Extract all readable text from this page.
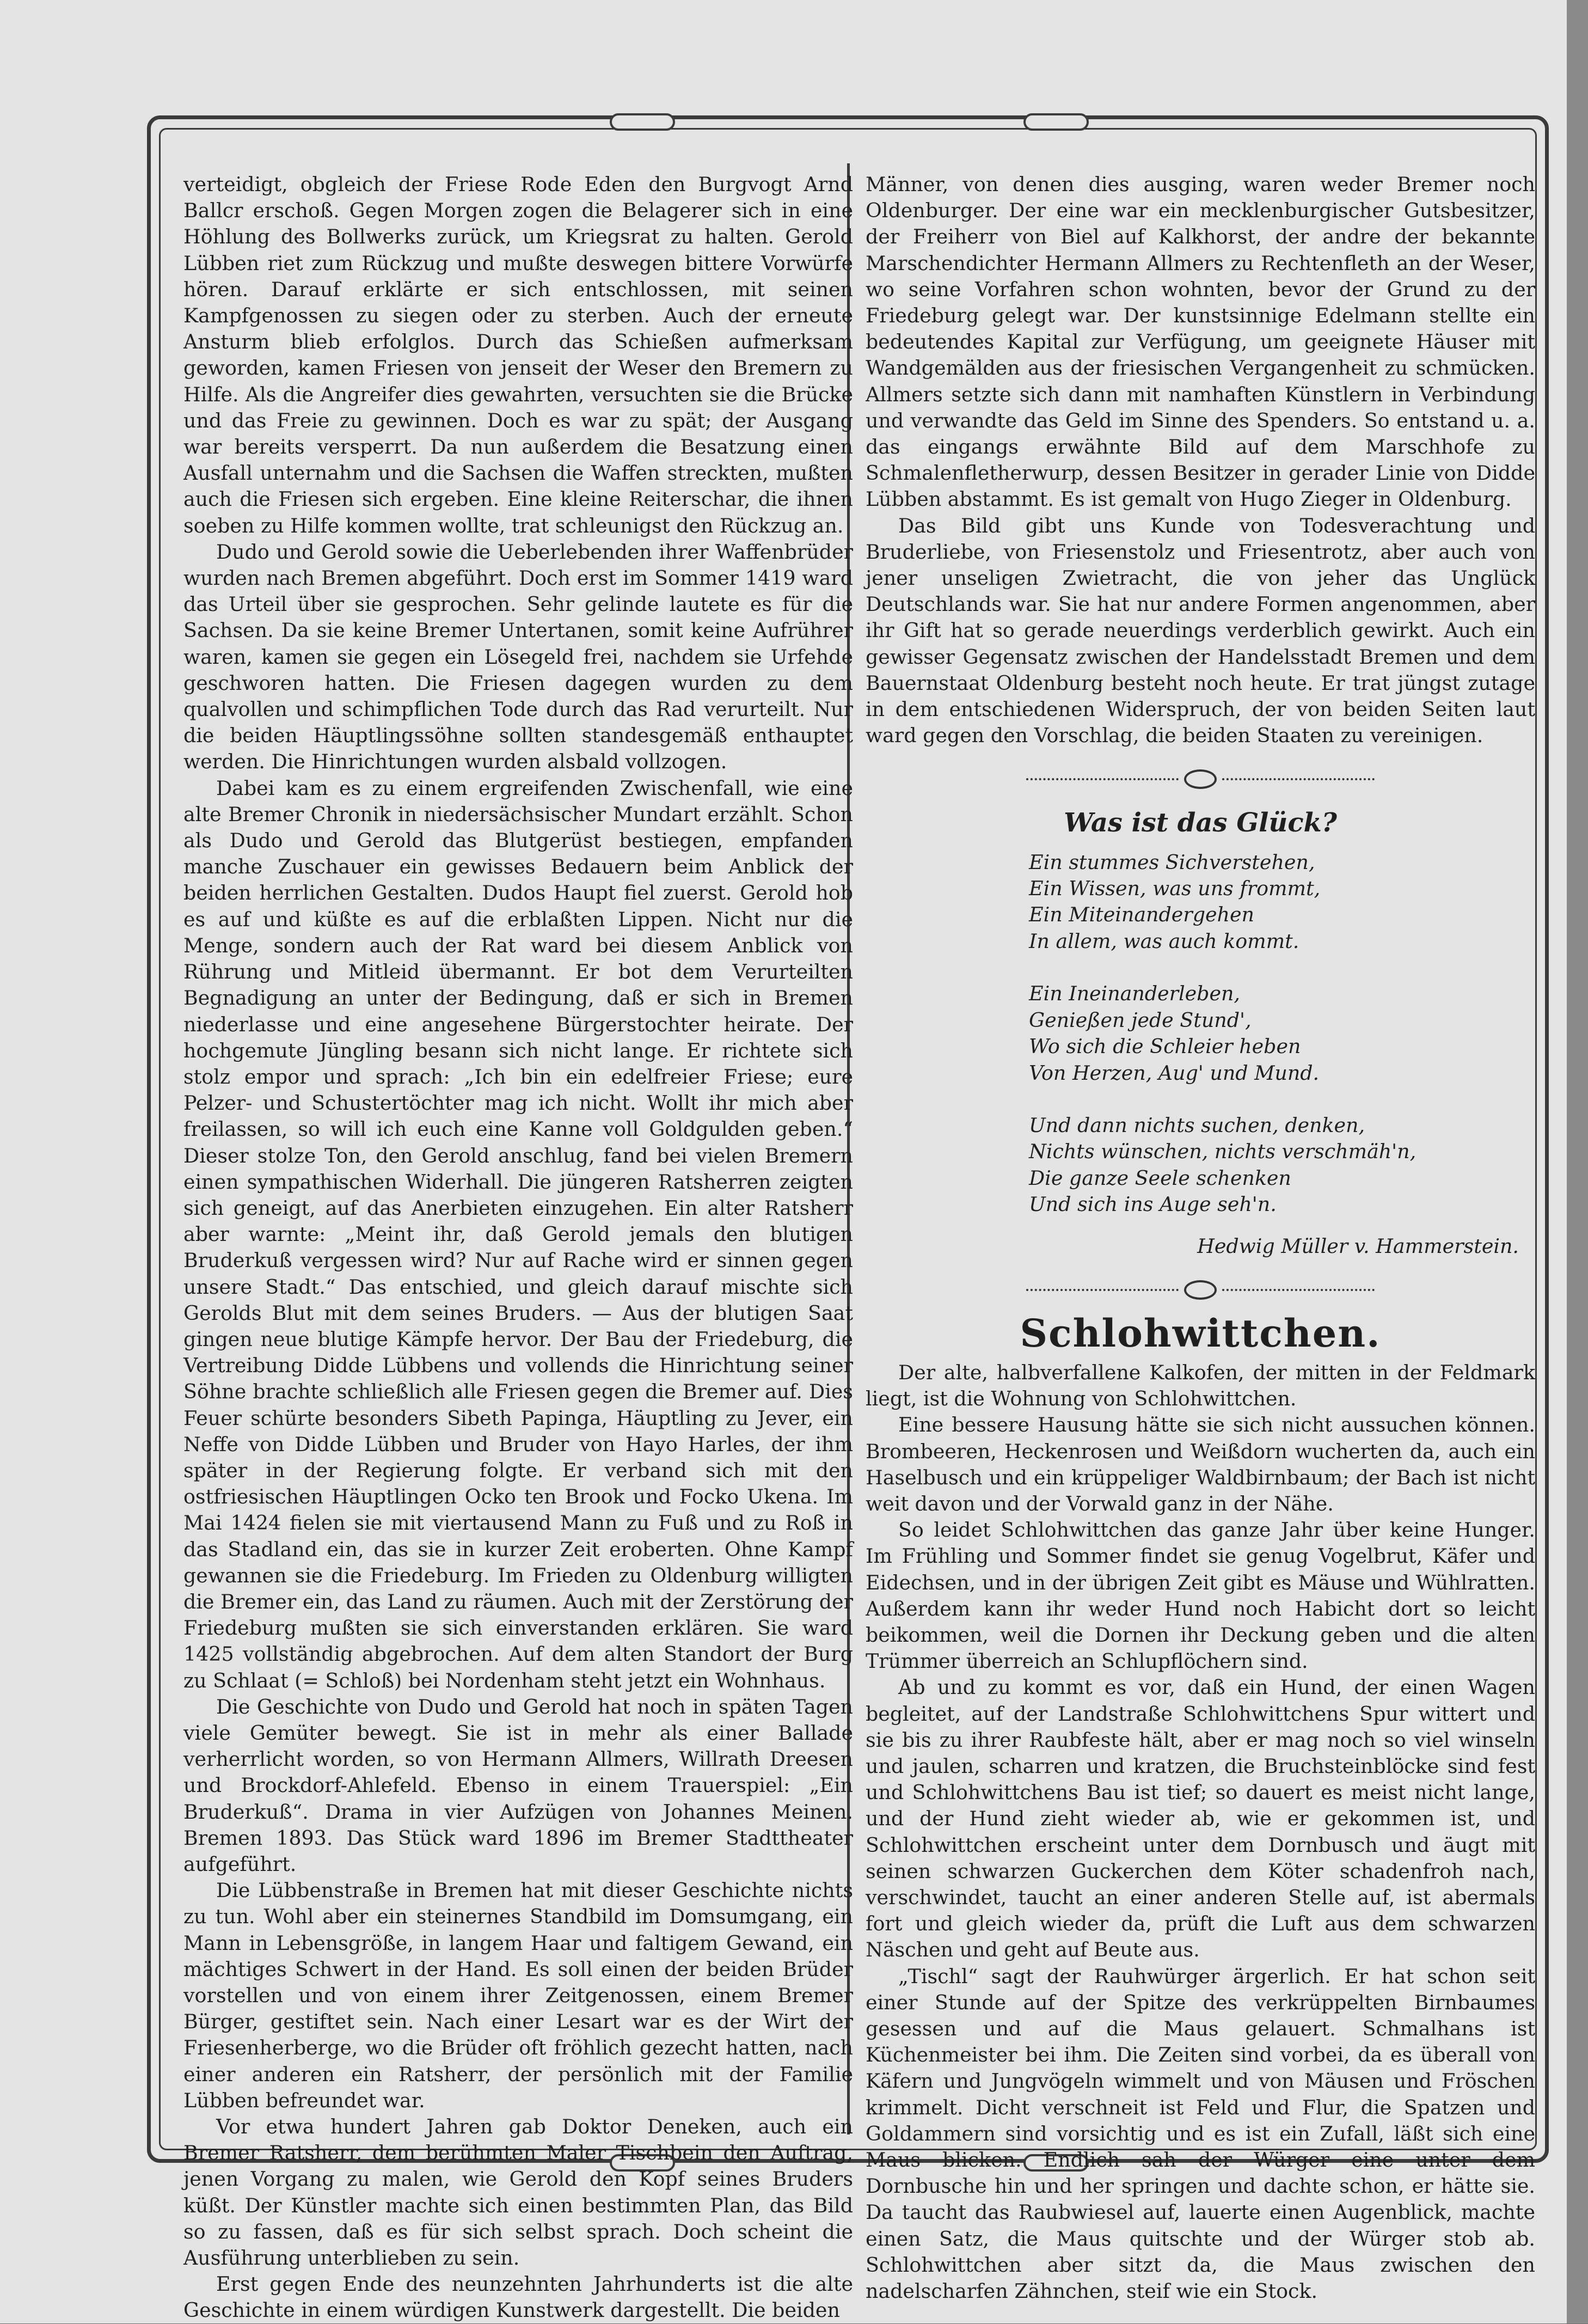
verteidigt, obgleich der Friese Rode Eden den Burgvogt Arnd Ballcr erschoß. Gegen Morgen zogen die Belagerer sich in eine Höhlung des Bollwerks zurück, um Kriegsrat zu halten. Gerold Lübben riet zum Rückzug und mußte deswegen bittere Vorwürfe hören. Darauf erklärte er sich entschlossen, mit seinen Kampfgenossen zu siegen oder zu sterben. Auch der erneute Ansturm blieb erfolglos. Durch das Schießen aufmerksam geworden, kamen Friesen von jenseit der Weser den Bremern zu Hilfe. Als die Angreifer dies gewahrten, versuchten sie die Brücke und das Freie zu gewinnen. Doch es war zu spät; der Ausgang war bereits versperrt. Da nun außerdem die Besatzung einen Ausfall unternahm und die Sachsen die Waffen streckten, mußten auch die Friesen sich ergeben. Eine kleine Reiterschar, die ihnen soeben zu Hilfe kommen wollte, trat schleunigst den Rückzug an.

Dudo und Gerold sowie die Ueberlebenden ihrer Waffenbrüder wurden nach Bremen abgeführt. Doch erst im Sommer 1419 ward das Urteil über sie gesprochen. Sehr gelinde lautete es für die Sachsen. Da sie keine Bremer Untertanen, somit keine Aufrührer waren, kamen sie gegen ein Lösegeld frei, nachdem sie Urfehde geschworen hatten. Die Friesen dagegen wurden zu dem qualvollen und schimpflichen Tode durch das Rad verurteilt. Nur die beiden Häuptlingssöhne sollten standesgemäß enthauptet werden. Die Hinrichtungen wurden alsbald vollzogen.

Dabei kam es zu einem ergreifenden Zwischenfall, wie eine alte Bremer Chronik in niedersächsischer Mundart erzählt. Schon als Dudo und Gerold das Blutgerüst bestiegen, empfanden manche Zuschauer ein gewisses Bedauern beim Anblick der beiden herrlichen Gestalten. Dudos Haupt fiel zuerst. Gerold hob es auf und küßte es auf die erblaßten Lippen. Nicht nur die Menge, sondern auch der Rat ward bei diesem Anblick von Rührung und Mitleid übermannt. Er bot dem Verurteilten Begnadigung an unter der Bedingung, daß er sich in Bremen niederlasse und eine angesehene Bürgerstochter heirate. Der hochgemute Jüngling besann sich nicht lange. Er richtete sich stolz empor und sprach: „Ich bin ein edelfreier Friese; eure Pelzer- und Schustertöchter mag ich nicht. Wollt ihr mich aber freilassen, so will ich euch eine Kanne voll Goldgulden geben.“ Dieser stolze Ton, den Gerold anschlug, fand bei vielen Bremern einen sympathischen Widerhall. Die jüngeren Ratsherren zeigten sich geneigt, auf das Anerbieten einzugehen. Ein alter Ratsherr aber warnte: „Meint ihr, daß Gerold jemals den blutigen Bruderkuß vergessen wird? Nur auf Rache wird er sinnen gegen unsere Stadt.“ Das entschied, und gleich darauf mischte sich Gerolds Blut mit dem seines Bruders. — Aus der blutigen Saat gingen neue blutige Kämpfe hervor. Der Bau der Friedeburg, die Vertreibung Didde Lübbens und vollends die Hinrichtung seiner Söhne brachte schließlich alle Friesen gegen die Bremer auf. Dies Feuer schürte besonders Sibeth Papinga, Häuptling zu Jever, ein Neffe von Didde Lübben und Bruder von Hayo Harles, der ihm später in der Regierung folgte. Er verband sich mit den ostfriesischen Häuptlingen Ocko ten Brook und Focko Ukena. Im Mai 1424 fielen sie mit viertausend Mann zu Fuß und zu Roß in das Stadland ein, das sie in kurzer Zeit eroberten. Ohne Kampf gewannen sie die Friedeburg. Im Frieden zu Oldenburg willigten die Bremer ein, das Land zu räumen. Auch mit der Zerstörung der Friedeburg mußten sie sich einverstanden erklären. Sie ward 1425 vollständig abgebrochen. Auf dem alten Standort der Burg zu Schlaat (= Schloß) bei Nordenham steht jetzt ein Wohnhaus.

Die Geschichte von Dudo und Gerold hat noch in späten Tagen viele Gemüter bewegt. Sie ist in mehr als einer Ballade verherrlicht worden, so von Hermann Allmers, Willrath Dreesen und Brockdorf-Ahlefeld. Ebenso in einem Trauerspiel: „Ein Bruderkuß“. Drama in vier Aufzügen von Johannes Meinen. Bremen 1893. Das Stück ward 1896 im Bremer Stadttheater aufgeführt.

Die Lübbenstraße in Bremen hat mit dieser Geschichte nichts zu tun. Wohl aber ein steinernes Standbild im Domsumgang, ein Mann in Lebensgröße, in langem Haar und faltigem Gewand, ein mächtiges Schwert in der Hand. Es soll einen der beiden Brüder vorstellen und von einem ihrer Zeitgenossen, einem Bremer Bürger, gestiftet sein. Nach einer Lesart war es der Wirt der Friesenherberge, wo die Brüder oft fröhlich gezecht hatten, nach einer anderen ein Ratsherr, der persönlich mit der Familie Lübben befreundet war.

Vor etwa hundert Jahren gab Doktor Deneken, auch ein Bremer Ratsherr, dem berühmten Maler Tischbein den Auftrag, jenen Vorgang zu malen, wie Gerold den Kopf seines Bruders küßt. Der Künstler machte sich einen bestimmten Plan, das Bild so zu fassen, daß es für sich selbst sprach. Doch scheint die Ausführung unterblieben zu sein.

Erst gegen Ende des neunzehnten Jahrhunderts ist die alte Geschichte in einem würdigen Kunstwerk dargestellt. Die beiden

Männer, von denen dies ausging, waren weder Bremer noch Oldenburger. Der eine war ein mecklenburgischer Gutsbesitzer, der Freiherr von Biel auf Kalkhorst, der andre der bekannte Marschendichter Hermann Allmers zu Rechtenfleth an der Weser, wo seine Vorfahren schon wohnten, bevor der Grund zu der Friedeburg gelegt war. Der kunstsinnige Edelmann stellte ein bedeutendes Kapital zur Verfügung, um geeignete Häuser mit Wandgemälden aus der friesischen Vergangenheit zu schmücken. Allmers setzte sich dann mit namhaften Künstlern in Verbindung und verwandte das Geld im Sinne des Spenders. So entstand u. a. das eingangs erwähnte Bild auf dem Marschhofe zu Schmalenfletherwurp, dessen Besitzer in gerader Linie von Didde Lübben abstammt. Es ist gemalt von Hugo Zieger in Oldenburg.

Das Bild gibt uns Kunde von Todesverachtung und Bruderliebe, von Friesenstolz und Friesentrotz, aber auch von jener unseligen Zwietracht, die von jeher das Unglück Deutschlands war. Sie hat nur andere Formen angenommen, aber ihr Gift hat so gerade neuerdings verderblich gewirkt. Auch ein gewisser Gegensatz zwischen der Handelsstadt Bremen und dem Bauernstaat Oldenburg besteht noch heute. Er trat jüngst zutage in dem entschiedenen Widerspruch, der von beiden Seiten laut ward gegen den Vorschlag, die beiden Staaten zu vereinigen.

Was ist das Glück?
Ein stummes Sichverstehen,
Ein Wissen, was uns frommt,
Ein Miteinandergehen
In allem, was auch kommt.
Ein Ineinanderleben,
Genießen jede Stund',
Wo sich die Schleier heben
Von Herzen, Aug' und Mund.
Und dann nichts suchen, denken,
Nichts wünschen, nichts verschmäh'n,
Die ganze Seele schenken
Und sich ins Auge seh'n.
Hedwig Müller v. Hammerstein.
Schlohwittchen.

Der alte, halbverfallene Kalkofen, der mitten in der Feldmark liegt, ist die Wohnung von Schlohwittchen.

Eine bessere Hausung hätte sie sich nicht aussuchen können. Brombeeren, Heckenrosen und Weißdorn wucherten da, auch ein Haselbusch und ein krüppeliger Waldbirnbaum; der Bach ist nicht weit davon und der Vorwald ganz in der Nähe.

So leidet Schlohwittchen das ganze Jahr über keine Hunger. Im Frühling und Sommer findet sie genug Vogelbrut, Käfer und Eidechsen, und in der übrigen Zeit gibt es Mäuse und Wühlratten. Außerdem kann ihr weder Hund noch Habicht dort so leicht beikommen, weil die Dornen ihr Deckung geben und die alten Trümmer überreich an Schlupflöchern sind.

Ab und zu kommt es vor, daß ein Hund, der einen Wagen begleitet, auf der Landstraße Schlohwittchens Spur wittert und sie bis zu ihrer Raubfeste hält, aber er mag noch so viel winseln und jaulen, scharren und kratzen, die Bruchsteinblöcke sind fest und Schlohwittchens Bau ist tief; so dauert es meist nicht lange, und der Hund zieht wieder ab, wie er gekommen ist, und Schlohwittchen erscheint unter dem Dornbusch und äugt mit seinen schwarzen Guckerchen dem Köter schadenfroh nach, verschwindet, taucht an einer anderen Stelle auf, ist abermals fort und gleich wieder da, prüft die Luft aus dem schwarzen Näschen und geht auf Beute aus.

„Tischl“ sagt der Rauhwürger ärgerlich. Er hat schon seit einer Stunde auf der Spitze des verkrüppelten Birnbaumes gesessen und auf die Maus gelauert. Schmalhans ist Küchenmeister bei ihm. Die Zeiten sind vorbei, da es überall von Käfern und Jungvögeln wimmelt und von Mäusen und Fröschen krimmelt. Dicht verschneit ist Feld und Flur, die Spatzen und Goldammern sind vorsichtig und es ist ein Zufall, läßt sich eine Maus blicken. Endlich sah der Würger eine unter dem Dornbusche hin und her springen und dachte schon, er hätte sie. Da taucht das Raubwiesel auf, lauerte einen Augenblick, machte einen Satz, die Maus quitschte und der Würger stob ab. Schlohwittchen aber sitzt da, die Maus zwischen den nadelscharfen Zähnchen, steif wie ein Stock.
